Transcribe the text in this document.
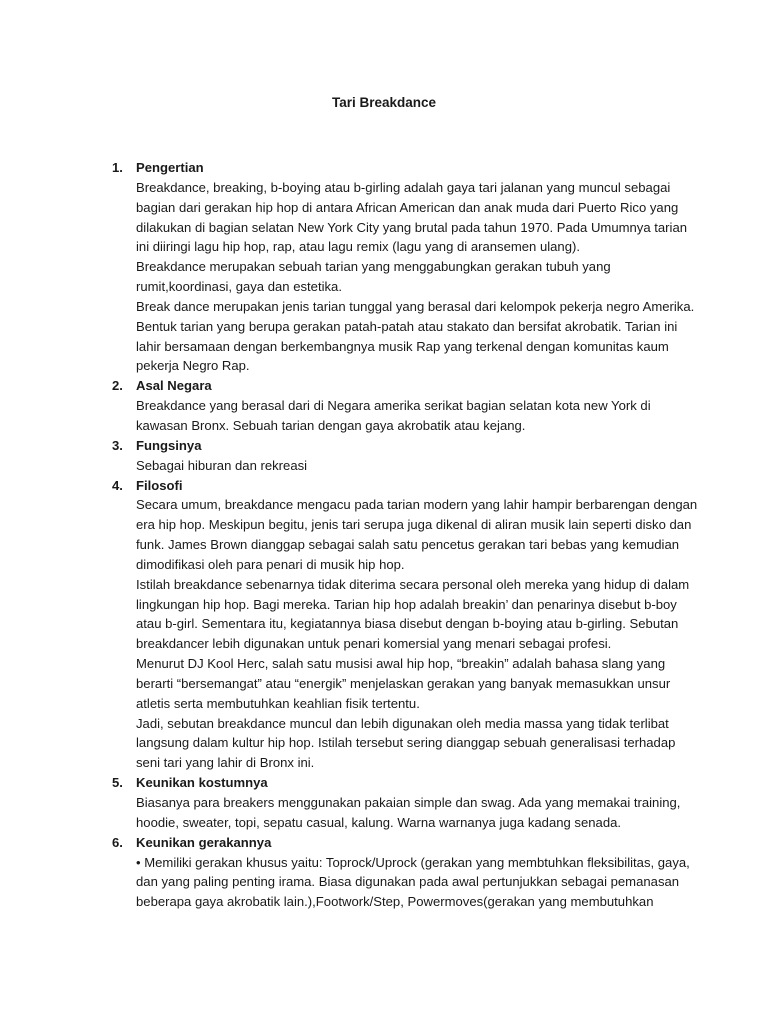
Tari Breakdance
1. Pengertian
Breakdance, breaking, b-boying atau b-girling adalah gaya tari jalanan yang muncul sebagai
bagian dari gerakan hip hop di antara African American dan anak muda dari Puerto Rico yang
dilakukan di bagian selatan New York City yang brutal pada tahun 1970. Pada Umumnya tarian
ini diiringi lagu hip hop, rap, atau lagu remix (lagu yang di aransemen ulang).
Breakdance merupakan sebuah tarian yang menggabungkan gerakan tubuh yang
rumit,koordinasi, gaya dan estetika.
Break dance merupakan jenis tarian tunggal yang berasal dari kelompok pekerja negro Amerika.
Bentuk tarian yang berupa gerakan patah-patah atau stakato dan bersifat akrobatik. Tarian ini
lahir bersamaan dengan berkembangnya musik Rap yang terkenal dengan komunitas kaum
pekerja Negro Rap.
2. Asal Negara
Breakdance yang berasal dari di Negara amerika serikat bagian selatan kota new York di
kawasan Bronx. Sebuah tarian dengan gaya akrobatik atau kejang.
3. Fungsinya
Sebagai hiburan dan rekreasi
4. Filosofi
Secara umum, breakdance mengacu pada tarian modern yang lahir hampir berbarengan dengan
era hip hop. Meskipun begitu, jenis tari serupa juga dikenal di aliran musik lain seperti disko dan
funk. James Brown dianggap sebagai salah satu pencetus gerakan tari bebas yang kemudian
dimodifikasi oleh para penari di musik hip hop.
Istilah breakdance sebenarnya tidak diterima secara personal oleh mereka yang hidup di dalam
lingkungan hip hop. Bagi mereka. Tarian hip hop adalah breakin’ dan penarinya disebut b-boy
atau b-girl. Sementara itu, kegiatannya biasa disebut dengan b-boying atau b-girling. Sebutan
breakdancer lebih digunakan untuk penari komersial yang menari sebagai profesi.
Menurut DJ Kool Herc, salah satu musisi awal hip hop, “breakin” adalah bahasa slang yang
berarti “bersemangat” atau “energik” menjelaskan gerakan yang banyak memasukkan unsur
atletis serta membutuhkan keahlian fisik tertentu.
Jadi, sebutan breakdance muncul dan lebih digunakan oleh media massa yang tidak terlibat
langsung dalam kultur hip hop. Istilah tersebut sering dianggap sebuah generalisasi terhadap
seni tari yang lahir di Bronx ini.
5. Keunikan kostumnya
Biasanya para breakers menggunakan pakaian simple dan swag. Ada yang memakai training,
hoodie, sweater, topi, sepatu casual, kalung. Warna warnanya juga kadang senada.
6. Keunikan gerakannya
• Memiliki gerakan khusus yaitu: Toprock/Uprock (gerakan yang membtuhkan fleksibilitas, gaya,
dan yang paling penting irama. Biasa digunakan pada awal pertunjukkan sebagai pemanasan
beberapa gaya akrobatik lain.),Footwork/Step, Powermoves(gerakan yang membutuhkan
